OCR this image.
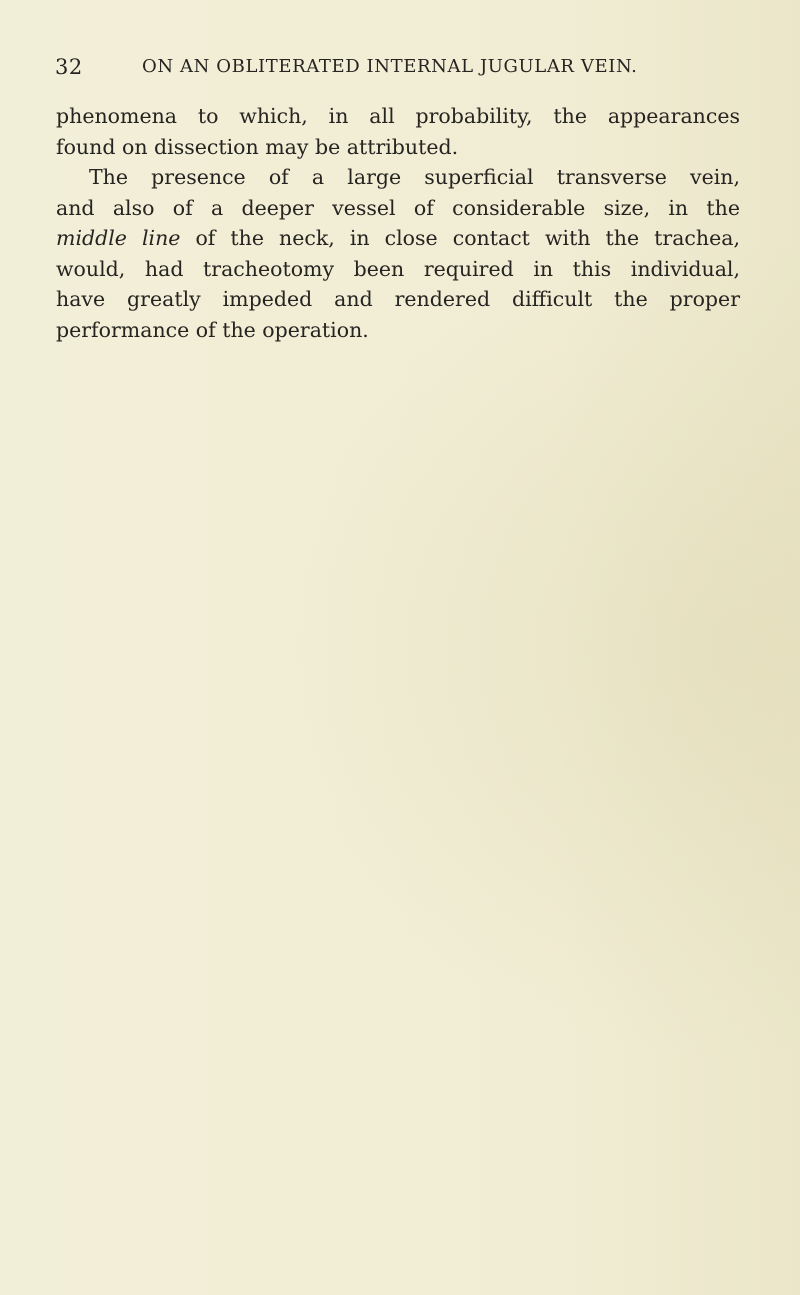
32	ON AN OBLITERATED INTERNAL JUGULAR VEIN.
phenomena to which, in all probability, the appearances
found on dissection may be attributed.
The presence of a large superficial transverse vein,
and also of a deeper vessel of considerable size, in the
middle line of the neck, in close contact with the trachea,
would, had tracheotomy been required in this individual,
have greatly impeded and rendered difficult the proper
performance of the operation.
